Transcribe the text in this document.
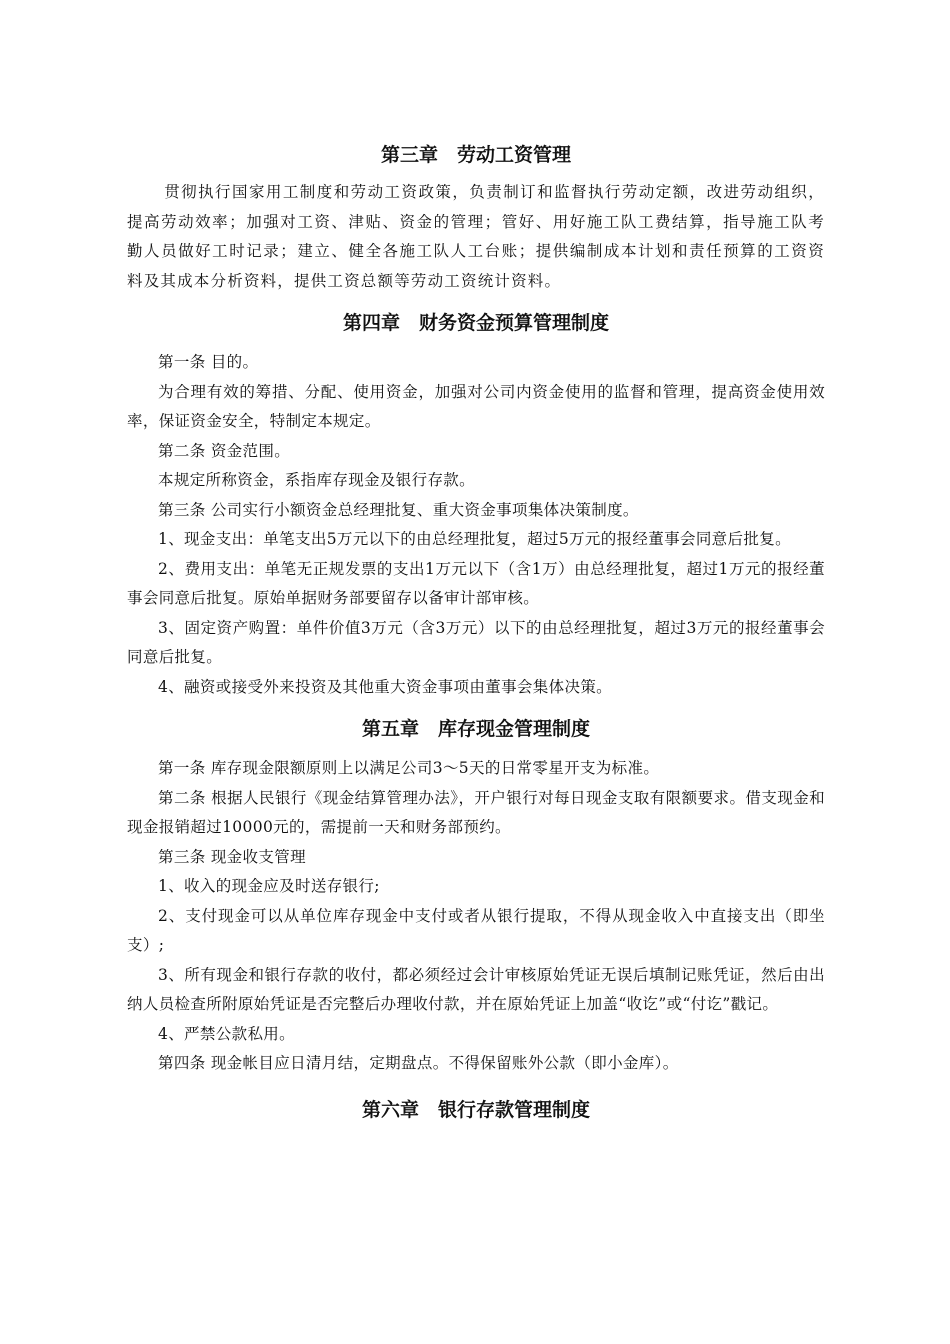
第三章　劳动工资管理

贯彻执行国家用工制度和劳动工资政策，负责制订和监督执行劳动定额，改进劳动组织，提高劳动效率；加强对工资、津贴、资金的管理；管好、用好施工队工费结算，指导施工队考勤人员做好工时记录；建立、健全各施工队人工台账；提供编制成本计划和责任预算的工资资料及其成本分析资料，提供工资总额等劳动工资统计资料。

第四章　财务资金预算管理制度

第一条 目的。

为合理有效的筹措、分配、使用资金，加强对公司内资金使用的监督和管理，提高资金使用效率，保证资金安全，特制定本规定。

第二条 资金范围。

本规定所称资金，系指库存现金及银行存款。

第三条 公司实行小额资金总经理批复、重大资金事项集体决策制度。

1、现金支出：单笔支出5万元以下的由总经理批复，超过5万元的报经董事会同意后批复。

2、费用支出：单笔无正规发票的支出1万元以下（含1万）由总经理批复，超过1万元的报经董事会同意后批复。原始单据财务部要留存以备审计部审核。

3、固定资产购置：单件价值3万元（含3万元）以下的由总经理批复，超过3万元的报经董事会同意后批复。

4、融资或接受外来投资及其他重大资金事项由董事会集体决策。

第五章　库存现金管理制度

第一条 库存现金限额原则上以满足公司3～5天的日常零星开支为标准。

第二条 根据人民银行《现金结算管理办法》，开户银行对每日现金支取有限额要求。借支现金和现金报销超过10000元的，需提前一天和财务部预约。

第三条 现金收支管理

1、收入的现金应及时送存银行;

2、支付现金可以从单位库存现金中支付或者从银行提取，不得从现金收入中直接支出（即坐支）;

3、所有现金和银行存款的收付，都必须经过会计审核原始凭证无误后填制记账凭证，然后由出纳人员检查所附原始凭证是否完整后办理收付款，并在原始凭证上加盖“收讫”或“付讫”戳记。

4、严禁公款私用。

第四条 现金帐目应日清月结，定期盘点。不得保留账外公款（即小金库）。

第六章　银行存款管理制度
